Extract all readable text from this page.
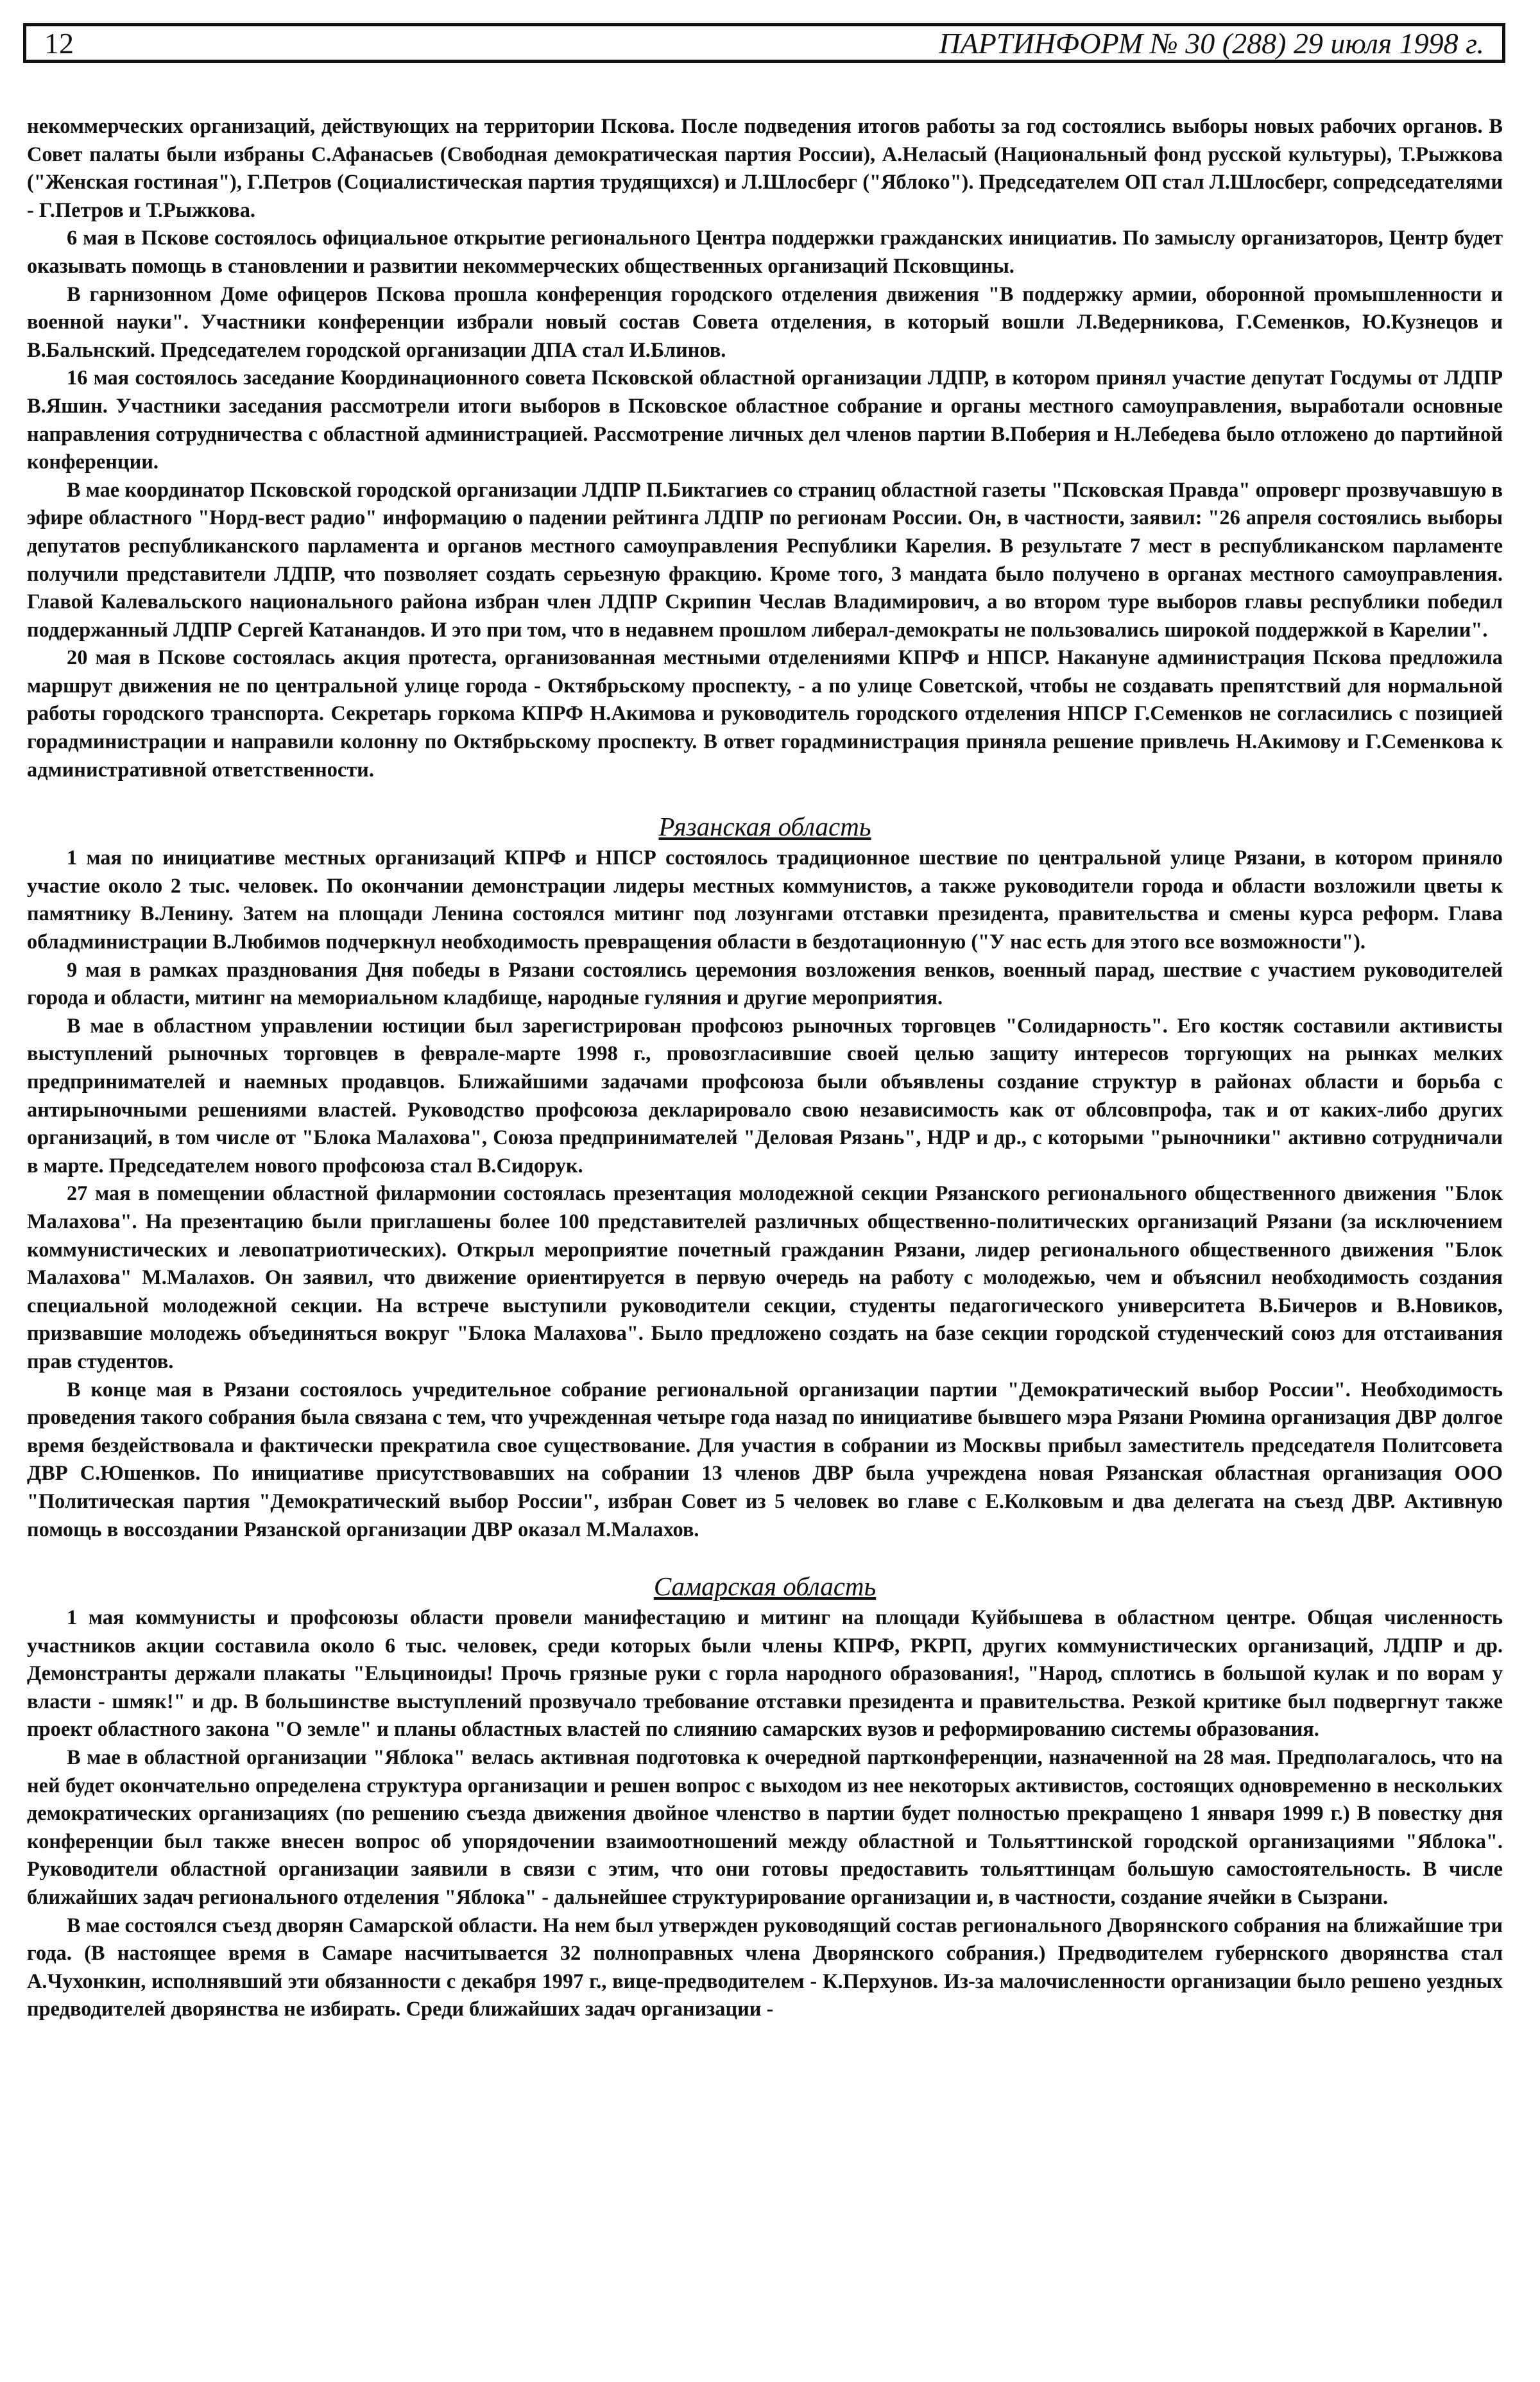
12	ПАРТИНФОРМ № 30 (288) 29 июля 1998 г.

некоммерческих организаций, действующих на территории Пскова. После подведения итогов работы за год состоялись выборы новых рабочих органов. В Совет палаты были избраны С.Афанасьев (Свободная демократическая партия России), А.Неласый (Национальный фонд русской культуры), Т.Рыжкова ("Женская гостиная"), Г.Петров (Социалистическая партия трудящихся) и Л.Шлосберг ("Яблоко"). Председателем ОП стал Л.Шлосберг, сопредседателями - Г.Петров и Т.Рыжкова.

6 мая в Пскове состоялось официальное открытие регионального Центра поддержки гражданских инициатив. По замыслу организаторов, Центр будет оказывать помощь в становлении и развитии некоммерческих общественных организаций Псковщины.

В гарнизонном Доме офицеров Пскова прошла конференция городского отделения движения "В поддержку армии, оборонной промышленности и военной науки". Участники конференции избрали новый состав Совета отделения, в который вошли Л.Ведерникова, Г.Семенков, Ю.Кузнецов и В.Бальнский. Председателем городской организации ДПА стал И.Блинов.

16 мая состоялось заседание Координационного совета Псковской областной организации ЛДПР, в котором принял участие депутат Госдумы от ЛДПР В.Яшин. Участники заседания рассмотрели итоги выборов в Псковское областное собрание и органы местного самоуправления, выработали основные направления сотрудничества с областной администрацией. Рассмотрение личных дел членов партии В.Поберия и Н.Лебедева было отложено до партийной конференции.

В мае координатор Псковской городской организации ЛДПР П.Биктагиев со страниц областной газеты "Псковская Правда" опроверг прозвучавшую в эфире областного "Норд-вест радио" информацию о падении рейтинга ЛДПР по регионам России. Он, в частности, заявил: "26 апреля состоялись выборы депутатов республиканского парламента и органов местного самоуправления Республики Карелия. В результате 7 мест в республиканском парламенте получили представители ЛДПР, что позволяет создать серьезную фракцию. Кроме того, 3 мандата было получено в органах местного самоуправления. Главой Калевальского национального района избран член ЛДПР Скрипин Чеслав Владимирович, а во втором туре выборов главы республики победил поддержанный ЛДПР Сергей Катанандов. И это при том, что в недавнем прошлом либерал-демократы не пользовались широкой поддержкой в Карелии".

20 мая в Пскове состоялась акция протеста, организованная местными отделениями КПРФ и НПСР. Накануне администрация Пскова предложила маршрут движения не по центральной улице города - Октябрьскому проспекту, - а по улице Советской, чтобы не создавать препятствий для нормальной работы городского транспорта. Секретарь горкома КПРФ Н.Акимова и руководитель городского отделения НПСР Г.Семенков не согласились с позицией горадминистрации и направили колонну по Октябрьскому проспекту. В ответ горадминистрация приняла решение привлечь Н.Акимову и Г.Семенкова к административной ответственности.

Рязанская область

1 мая по инициативе местных организаций КПРФ и НПСР состоялось традиционное шествие по центральной улице Рязани, в котором приняло участие около 2 тыс. человек. По окончании демонстрации лидеры местных коммунистов, а также руководители города и области возложили цветы к памятнику В.Ленину. Затем на площади Ленина состоялся митинг под лозунгами отставки президента, правительства и смены курса реформ. Глава обладминистрации В.Любимов подчеркнул необходимость превращения области в бездотационную ("У нас есть для этого все возможности").

9 мая в рамках празднования Дня победы в Рязани состоялись церемония возложения венков, военный парад, шествие с участием руководителей города и области, митинг на мемориальном кладбище, народные гуляния и другие мероприятия.

В мае в областном управлении юстиции был зарегистрирован профсоюз рыночных торговцев "Солидарность". Его костяк составили активисты выступлений рыночных торговцев в феврале-марте 1998 г., провозгласившие своей целью защиту интересов торгующих на рынках мелких предпринимателей и наемных продавцов. Ближайшими задачами профсоюза были объявлены создание структур в районах области и борьба с антирыночными решениями властей. Руководство профсоюза декларировало свою независимость как от облсовпрофа, так и от каких-либо других организаций, в том числе от "Блока Малахова", Союза предпринимателей "Деловая Рязань", НДР и др., с которыми "рыночники" активно сотрудничали в марте. Председателем нового профсоюза стал В.Сидорук.

27 мая в помещении областной филармонии состоялась презентация молодежной секции Рязанского регионального общественного движения "Блок Малахова". На презентацию были приглашены более 100 представителей различных общественно-политических организаций Рязани (за исключением коммунистических и левопатриотических). Открыл мероприятие почетный гражданин Рязани, лидер регионального общественного движения "Блок Малахова" М.Малахов. Он заявил, что движение ориентируется в первую очередь на работу с молодежью, чем и объяснил необходимость создания специальной молодежной секции. На встрече выступили руководители секции, студенты педагогического университета В.Бичеров и В.Новиков, призвавшие молодежь объединяться вокруг "Блока Малахова". Было предложено создать на базе секции городской студенческий союз для отстаивания прав студентов.

В конце мая в Рязани состоялось учредительное собрание региональной организации партии "Демократический выбор России". Необходимость проведения такого собрания была связана с тем, что учрежденная четыре года назад по инициативе бывшего мэра Рязани Рюмина организация ДВР долгое время бездействовала и фактически прекратила свое существование. Для участия в собрании из Москвы прибыл заместитель председателя Политсовета ДВР С.Юшенков. По инициативе присутствовавших на собрании 13 членов ДВР была учреждена новая Рязанская областная организация ООО "Политическая партия "Демократический выбор России", избран Совет из 5 человек во главе с Е.Колковым и два делегата на съезд ДВР. Активную помощь в воссоздании Рязанской организации ДВР оказал М.Малахов.

Самарская область

1 мая коммунисты и профсоюзы области провели манифестацию и митинг на площади Куйбышева в областном центре. Общая численность участников акции составила около 6 тыс. человек, среди которых были члены КПРФ, РКРП, других коммунистических организаций, ЛДПР и др. Демонстранты держали плакаты "Ельциноиды! Прочь грязные руки с горла народного образования!, "Народ, сплотись в большой кулак и по ворам у власти - шмяк!" и др. В большинстве выступлений прозвучало требование отставки президента и правительства. Резкой критике был подвергнут также проект областного закона "О земле" и планы областных властей по слиянию самарских вузов и реформированию системы образования.

В мае в областной организации "Яблока" велась активная подготовка к очередной партконференции, назначенной на 28 мая. Предполагалось, что на ней будет окончательно определена структура организации и решен вопрос с выходом из нее некоторых активистов, состоящих одновременно в нескольких демократических организациях (по решению съезда движения двойное членство в партии будет полностью прекращено 1 января 1999 г.) В повестку дня конференции был также внесен вопрос об упорядочении взаимоотношений между областной и Тольяттинской городской организациями "Яблока". Руководители областной организации заявили в связи с этим, что они готовы предоставить тольяттинцам большую самостоятельность. В числе ближайших задач регионального отделения "Яблока" - дальнейшее структурирование организации и, в частности, создание ячейки в Сызрани.

В мае состоялся съезд дворян Самарской области. На нем был утвержден руководящий состав регионального Дворянского собрания на ближайшие три года. (В настоящее время в Самаре насчитывается 32 полноправных члена Дворянского собрания.) Предводителем губернского дворянства стал А.Чухонкин, исполнявший эти обязанности с декабря 1997 г., вице-предводителем - К.Перхунов. Из-за малочисленности организации было решено уездных предводителей дворянства не избирать. Среди ближайших задач организации -
